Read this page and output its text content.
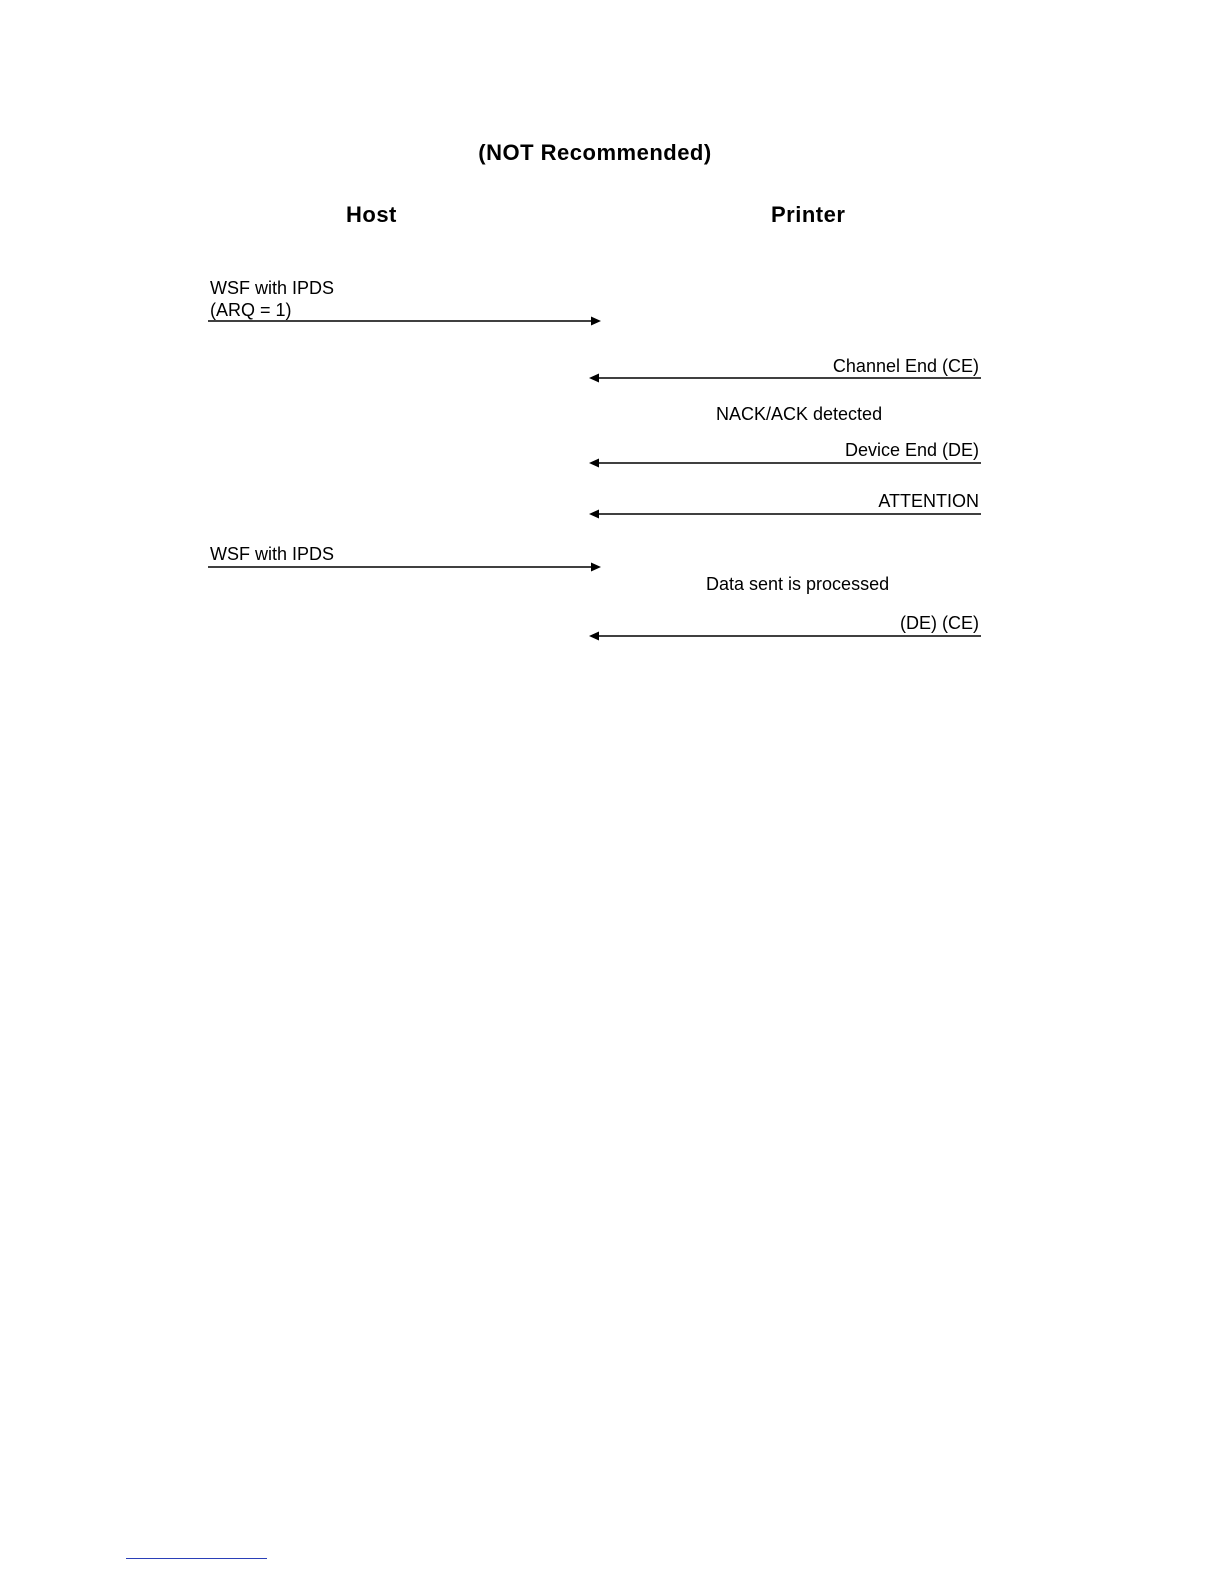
(NOT Recommended)
Host	Printer
WSF with IPDS
(ARQ = 1)
Channel End (CE)
NACK/ACK detected
Device End (DE)
ATTENTION
WSF with IPDS
Data sent is processed
(DE) (CE)
